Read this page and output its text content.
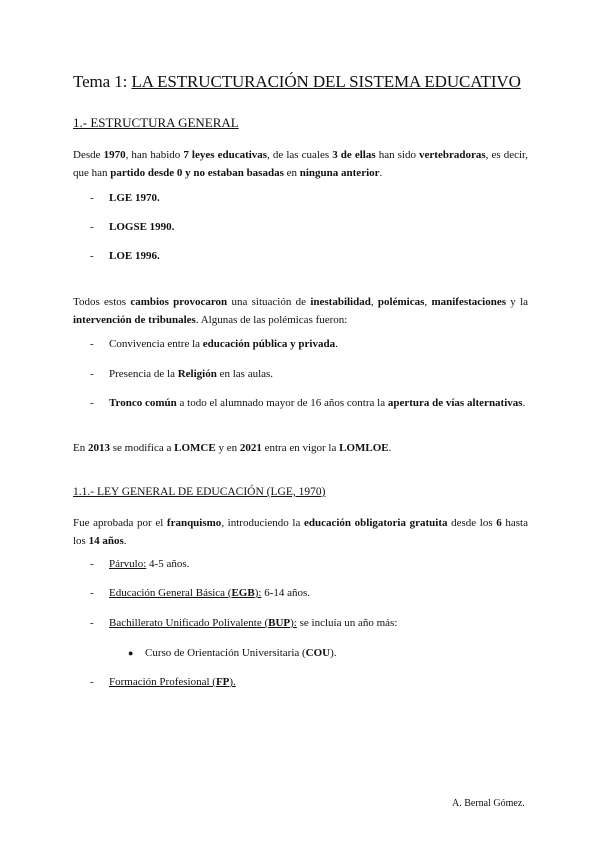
Tema 1: LA ESTRUCTURACIÓN DEL SISTEMA EDUCATIVO
1.- ESTRUCTURA GENERAL
Desde 1970, han habido 7 leyes educativas, de las cuales 3 de ellas han sido vertebradoras, es decir, que han partido desde 0 y no estaban basadas en ninguna anterior.
-	LGE 1970.
-	LOGSE 1990.
-	LOE 1996.
Todos estos cambios provocaron una situación de inestabilidad, polémicas, manifestaciones y la intervención de tribunales. Algunas de las polémicas fueron:
-	Convivencia entre la educación pública y privada.
-	Presencia de la Religión en las aulas.
-	Tronco común a todo el alumnado mayor de 16 años contra la apertura de vías alternativas.
En 2013 se modifica a LOMCE y en 2021 entra en vigor la LOMLOE.
1.1.- LEY GENERAL DE EDUCACIÓN (LGE, 1970)
Fue aprobada por el franquismo, introduciendo la educación obligatoria gratuita desde los 6 hasta los 14 años.
-	Párvulo: 4-5 años.
-	Educación General Básica (EGB): 6-14 años.
-	Bachillerato Unificado Polivalente (BUP): se incluía un año más:
● Curso de Orientación Universitaria (COU).
-	Formación Profesional (FP).
A. Bernal Gómez.
